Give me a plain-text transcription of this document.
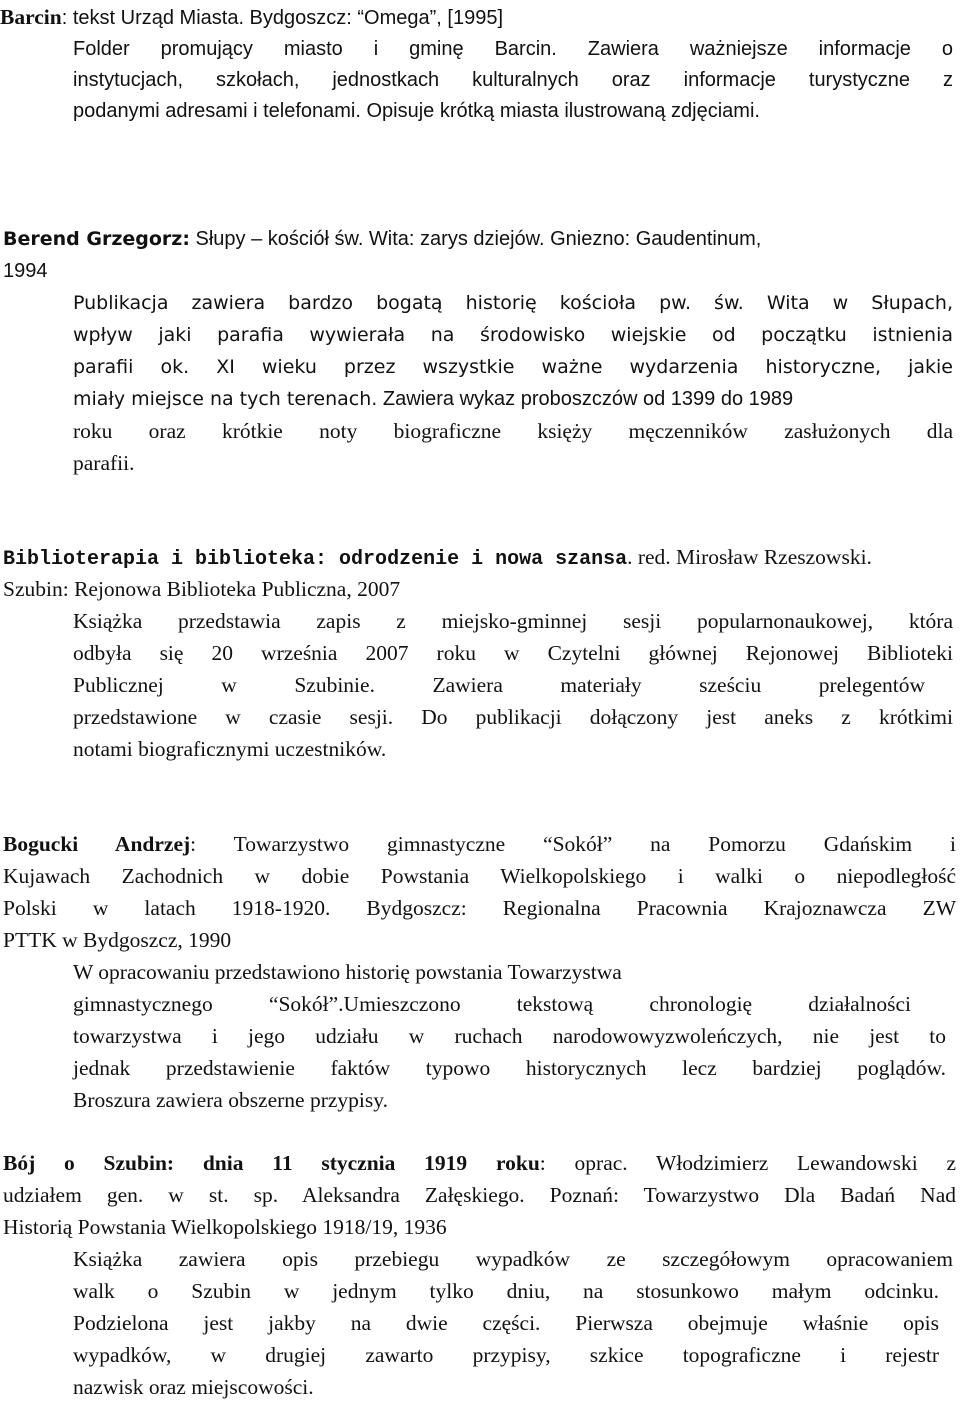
Barcin: tekst Urząd Miasta. Bydgoszcz: “Omega”, [1995]
Folder promujący miasto i gminę Barcin. Zawiera ważniejsze informacje o
instytucjach, szkołach, jednostkach kulturalnych oraz informacje turystyczne z
podanymi adresami i telefonami. Opisuje krótką miasta ilustrowaną zdjęciami.
Berend Grzegorz: Słupy – kościół św. Wita: zarys dziejów. Gniezno: Gaudentinum,
1994
Publikacja zawiera bardzo bogatą historię kościoła pw. św. Wita w Słupach,
wpływ jaki parafia wywierała na środowisko wiejskie od początku istnienia
parafii ok. XI wieku przez wszystkie ważne wydarzenia historyczne, jakie
miały miejsce na tych terenach. Zawiera wykaz proboszczów od 1399 do 1989
roku oraz krótkie noty biograficzne księży męczenników zasłużonych dla
parafii.
Biblioterapia i biblioteka: odrodzenie i nowa szansa. red. Mirosław Rzeszowski.
Szubin: Rejonowa Biblioteka Publiczna, 2007
Książka przedstawia zapis z miejsko-gminnej sesji popularnonaukowej, która
odbyła się 20 września 2007 roku w Czytelni głównej Rejonowej Biblioteki
Publicznej w Szubinie. Zawiera materiały sześciu prelegentów
przedstawione w czasie sesji. Do publikacji dołączony jest aneks z krótkimi
notami biograficznymi uczestników.
Bogucki Andrzej: Towarzystwo gimnastyczne “Sokół” na Pomorzu Gdańskim i
Kujawach Zachodnich w dobie Powstania Wielkopolskiego i walki o niepodległość
Polski w latach 1918-1920. Bydgoszcz: Regionalna Pracownia Krajoznawcza ZW
PTTK w Bydgoszcz, 1990
W opracowaniu przedstawiono historię powstania Towarzystwa
gimnastycznego “Sokół”.Umieszczono tekstową chronologię działalności
towarzystwa i jego udziału w ruchach narodowowyzwoleńczych, nie jest to
jednak przedstawienie faktów typowo historycznych lecz bardziej poglądów.
Broszura zawiera obszerne przypisy.
Bój o Szubin: dnia 11 stycznia 1919 roku: oprac. Włodzimierz Lewandowski z
udziałem gen. w st. sp. Aleksandra Załęskiego. Poznań: Towarzystwo Dla Badań Nad
Historią Powstania Wielkopolskiego 1918/19, 1936
Książka zawiera opis przebiegu wypadków ze szczegółowym opracowaniem
walk o Szubin w jednym tylko dniu, na stosunkowo małym odcinku.
Podzielona jest jakby na dwie części. Pierwsza obejmuje właśnie opis
wypadków, w drugiej zawarto przypisy, szkice topograficzne i rejestr
nazwisk oraz miejscowości.
